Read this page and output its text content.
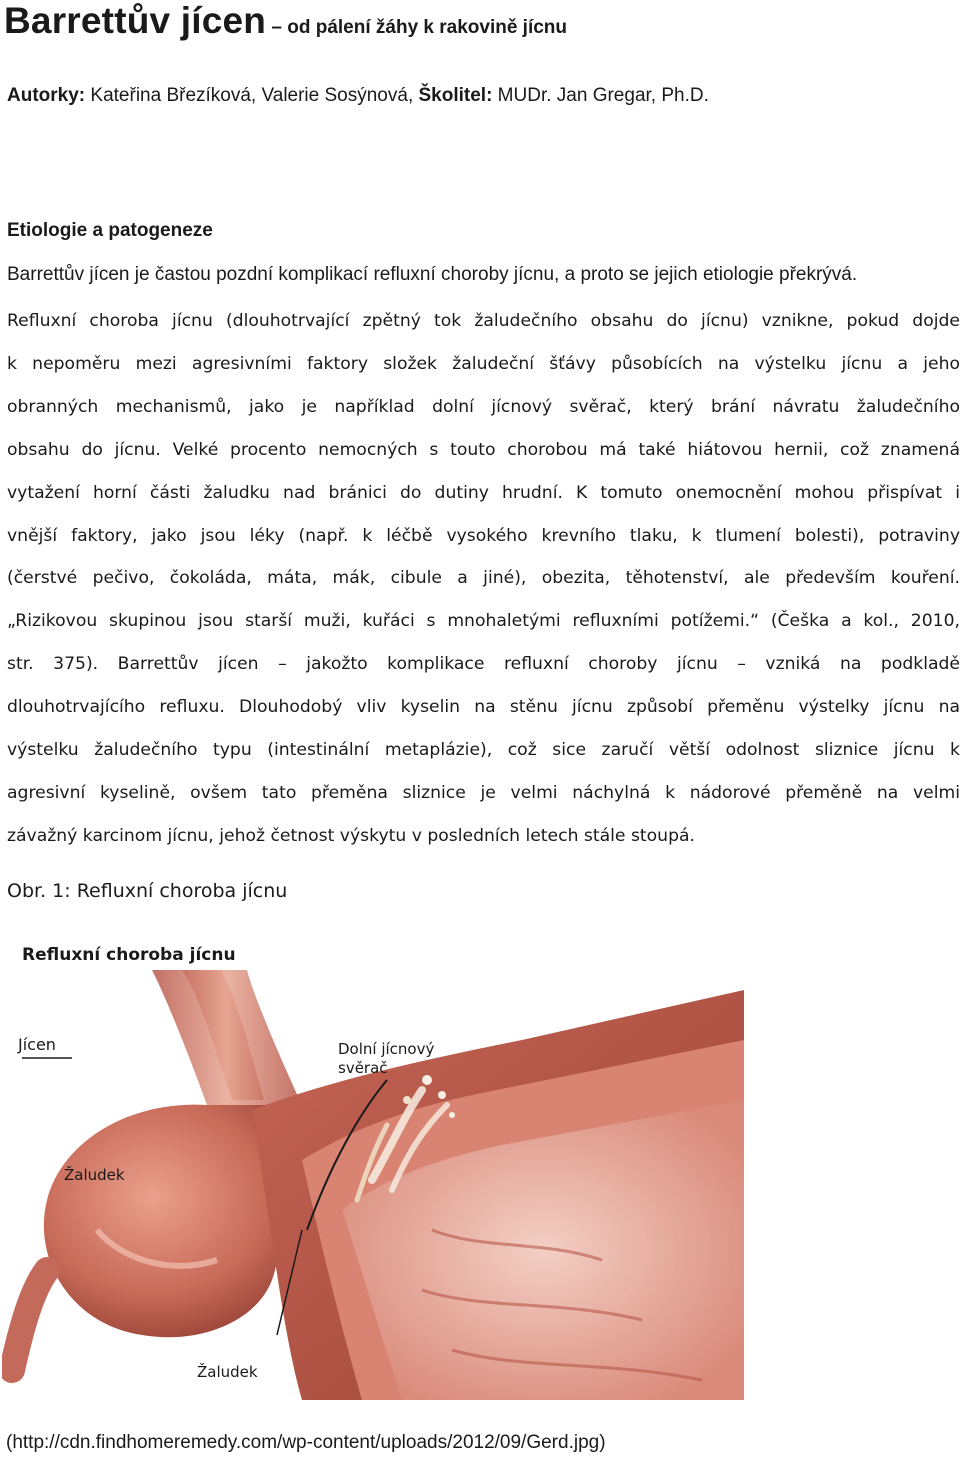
Barrettův jícen – od pálení žáhy k rakovině jícnu
Autorky: Kateřina Březíková, Valerie Sosýnová, Školitel: MUDr. Jan Gregar, Ph.D.
Etiologie a patogeneze
Barrettův jícen je častou pozdní komplikací refluxní choroby jícnu, a proto se jejich etiologie překrývá.
Refluxní choroba jícnu (dlouhotrvající zpětný tok žaludečního obsahu do jícnu) vznikne, pokud dojde
k nepoměru mezi agresivními faktory složek žaludeční šťávy působících na výstelku jícnu a jeho
obranných mechanismů, jako je například dolní jícnový svěrač, který brání návratu žaludečního
obsahu do jícnu. Velké procento nemocných s touto chorobou má také hiátovou hernii, což znamená
vytažení horní části žaludku nad bránici do dutiny hrudní. K tomuto onemocnění mohou přispívat i
vnější faktory, jako jsou léky (např. k léčbě vysokého krevního tlaku, k tlumení bolesti), potraviny
(čerstvé pečivo, čokoláda, máta, mák, cibule a jiné), obezita, těhotenství, ale především kouření.
„Rizikovou skupinou jsou starší muži, kuřáci s mnohaletými refluxními potížemi.“ (Češka a kol., 2010,
str. 375). Barrettův jícen – jakožto komplikace refluxní choroby jícnu – vzniká na podkladě
dlouhotrvajícího refluxu. Dlouhodobý vliv kyselin na stěnu jícnu způsobí přeměnu výstelky jícnu na
výstelku žaludečního typu (intestinální metaplázie), což sice zaručí větší odolnost sliznice jícnu k
agresivní kyselině, ovšem tato přeměna sliznice je velmi náchylná k nádorové přeměně na velmi
závažný karcinom jícnu, jehož četnost výskytu v posledních letech stále stoupá.
Obr. 1: Refluxní choroba jícnu
Refluxní choroba jícnu
Jícen	Dolní jícnový
svěrač
Žaludek
Žaludek
(http://cdn.findhomeremedy.com/wp-content/uploads/2012/09/Gerd.jpg)
